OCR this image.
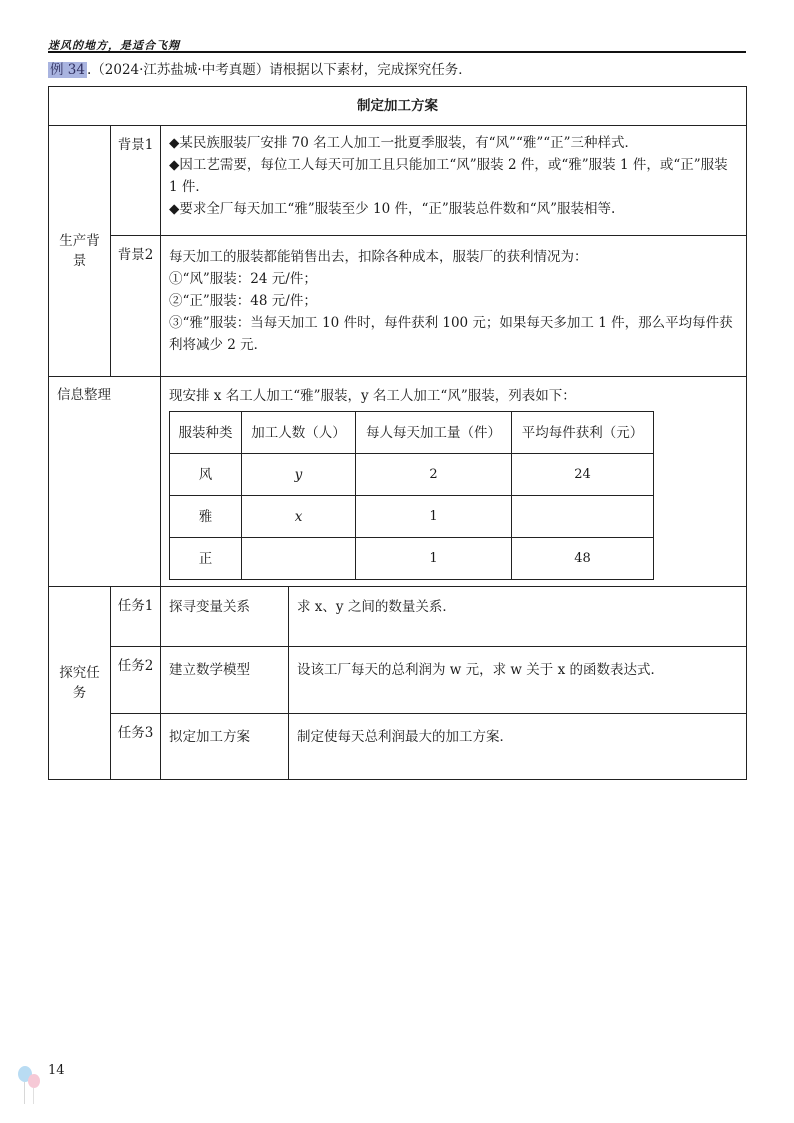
迷风的地方，是适合飞翔
例 34 .（2024·江苏盐城·中考真题）请根据以下素材，完成探究任务．
制定加工方案
生产背景	背景1	◆某民族服装厂安排 70 名工人加工一批夏季服装，有“风”“雅”“正”三种样式．

◆因工艺需要，每位工人每天可加工且只能加工“风”服装 2 件，或“雅”服装 1 件，或“正”服装 1 件．

◆要求全厂每天加工“雅”服装至少 10 件，“正”服装总件数和“风”服装相等.

背景2	每天加工的服装都能销售出去，扣除各种成本，服装厂的获利情况为：

①“风”服装：24 元/件；

②“正”服装：48 元/件；

③“雅”服装：当每天加工 10 件时，每件获利 100 元；如果每天多加工 1 件，那么平均每件获利将减少 2 元．

信息整理	现安排 x 名工人加工“雅”服装，y 名工人加工“风”服装，列表如下：

服装种类	加工人数（人）	每人每天加工量（件）	平均每件获利（元）
风	y	2	24
雅	x	1	
正		1	48

探究任务	任务1	探寻变量关系	求 x、y 之间的数量关系．
任务2	建立数学模型	设该工厂每天的总利润为 w 元，求 w 关于 x 的函数表达式．
任务3	拟定加工方案	制定使每天总利润最大的加工方案．
14
